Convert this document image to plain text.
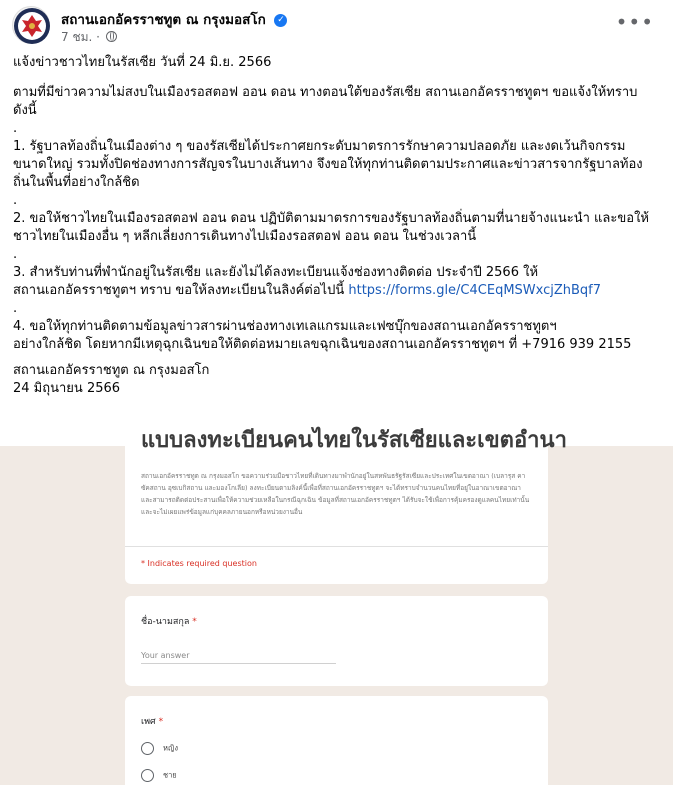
สถานเอกอัครราชทูต ณ กรุงมอสโก ✓
7 ชม. ·
•••

แจ้งข่าวชาวไทยในรัสเซีย วันที่ 24 มิ.ย. 2566

ตามที่มีข่าวความไม่สงบในเมืองรอสตอฟ ออน ดอน ทางตอนใต้ของรัสเซีย สถานเอกอัครราชทูตฯ ขอแจ้งให้ทราบ
ดังนี้

.

1. รัฐบาลท้องถิ่นในเมืองต่าง ๆ ของรัสเซียได้ประกาศยกระดับมาตรการรักษาความปลอดภัย และงดเว้นกิจกรรม
ขนาดใหญ่ รวมทั้งปิดช่องทางการสัญจรในบางเส้นทาง จึงขอให้ทุกท่านติดตามประกาศและข่าวสารจากรัฐบาลท้อง
ถิ่นในพื้นที่อย่างใกล้ชิด

.

2. ขอให้ชาวไทยในเมืองรอสตอฟ ออน ดอน ปฏิบัติตามมาตรการของรัฐบาลท้องถิ่นตามที่นายจ้างแนะนำ และขอให้
ชาวไทยในเมืองอื่น ๆ หลีกเลี่ยงการเดินทางไปเมืองรอสตอฟ ออน ดอน ในช่วงเวลานี้

.

3. สำหรับท่านที่พำนักอยู่ในรัสเซีย และยังไม่ได้ลงทะเบียนแจ้งช่องทางติดต่อ ประจำปี 2566 ให้
สถานเอกอัครราชทูตฯ ทราบ ขอให้ลงทะเบียนในลิงค์ต่อไปนี้ https://forms.gle/C4CEqMSWxcjZhBqf7

.

4. ขอให้ทุกท่านติดตามข้อมูลข่าวสารผ่านช่องทางเทเลแกรมและเฟซบุ๊กของสถานเอกอัครราชทูตฯ
อย่างใกล้ชิด โดยหากมีเหตุฉุกเฉินขอให้ติดต่อหมายเลขฉุกเฉินของสถานเอกอัครราชทูตฯ ที่ +7916 939 2155

สถานเอกอัครราชทูต ณ กรุงมอสโก
24 มิถุนายน 2566

แบบลงทะเบียนคนไทยในรัสเซียและเขตอำนา
สถานเอกอัครราชทูต ณ กรุงมอสโก ขอความร่วมมือชาวไทยที่เดินทางมาพำนักอยู่ในสหพันธรัฐรัสเซียและประเทศในเขตอาณา (เบลารุส คาซัคสถาน อุซเบกิสถาน และมองโกเลีย) ลงทะเบียนตามลิงค์นี้เพื่อที่สถานเอกอัครราชทูตฯ จะได้ทราบจำนวนคนไทยที่อยู่ในอาณาเขตอาณา และสามารถติดต่อประสานเพื่อให้ความช่วยเหลือในกรณีฉุกเฉิน ข้อมูลที่สถานเอกอัครราชทูตฯ ได้รับจะใช้เพื่อการคุ้มครองดูแลคนไทยเท่านั้น และจะไม่เผยแพร่ข้อมูลแก่บุคคลภายนอกหรือหน่วยงานอื่น
* Indicates required question
ชื่อ-นามสกุล *
Your answer
เพศ *
หญิง
ชาย
